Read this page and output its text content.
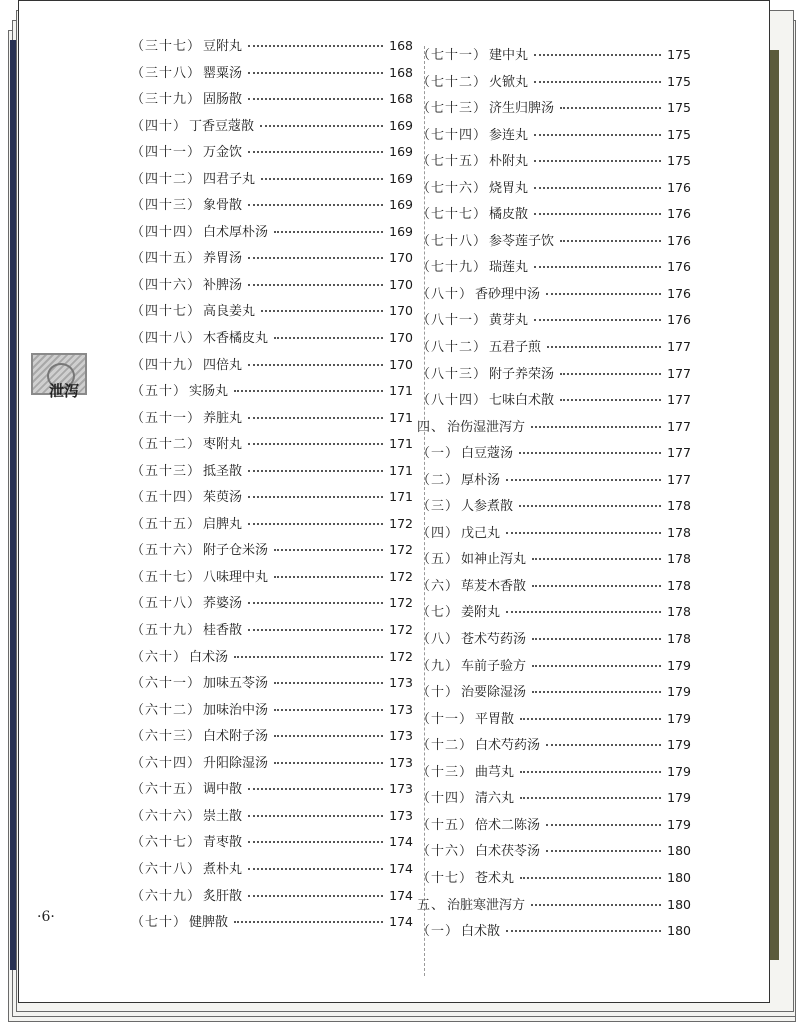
泄泻
·6·
（三十七） 豆附丸	168
（三十八） 罂粟汤	168
（三十九） 固肠散	168
（四十） 丁香豆蔻散	169
（四十一） 万金饮	169
（四十二） 四君子丸	169
（四十三） 象骨散	169
（四十四） 白术厚朴汤	169
（四十五） 养胃汤	170
（四十六） 补脾汤	170
（四十七） 高良姜丸	170
（四十八） 木香橘皮丸	170
（四十九） 四倍丸	170
（五十） 实肠丸	171
（五十一） 养脏丸	171
（五十二） 枣附丸	171
（五十三） 抵圣散	171
（五十四） 茱萸汤	171
（五十五） 启脾丸	172
（五十六） 附子仓米汤	172
（五十七） 八味理中丸	172
（五十八） 荞婆汤	172
（五十九） 桂香散	172
（六十） 白术汤	172
（六十一） 加味五苓汤	173
（六十二） 加味治中汤	173
（六十三） 白术附子汤	173
（六十四） 升阳除湿汤	173
（六十五） 调中散	173
（六十六） 崇土散	173
（六十七） 青枣散	174
（六十八） 煮朴丸	174
（六十九） 炙肝散	174
（七十） 健脾散	174
（七十一） 建中丸	175
（七十二） 火锨丸	175
（七十三） 济生归脾汤	175
（七十四） 参连丸	175
（七十五） 朴附丸	175
（七十六） 烧胃丸	176
（七十七） 橘皮散	176
（七十八） 参苓莲子饮	176
（七十九） 瑞莲丸	176
（八十） 香砂理中汤	176
（八十一） 黄芽丸	176
（八十二） 五君子煎	177
（八十三） 附子养荣汤	177
（八十四） 七味白术散	177
四、 治伤湿泄泻方	177
（一） 白豆蔻汤	177
（二） 厚朴汤	177
（三） 人参煮散	178
（四） 戊己丸	178
（五） 如神止泻丸	178
（六） 荜茇木香散	178
（七） 姜附丸	178
（八） 苍术芍药汤	178
（九） 车前子验方	179
（十） 治要除湿汤	179
（十一） 平胃散	179
（十二） 白术芍药汤	179
（十三） 曲芎丸	179
（十四） 清六丸	179
（十五） 倍术二陈汤	179
（十六） 白术茯苓汤	180
（十七） 苍术丸	180
五、 治脏寒泄泻方	180
（一） 白术散	180
